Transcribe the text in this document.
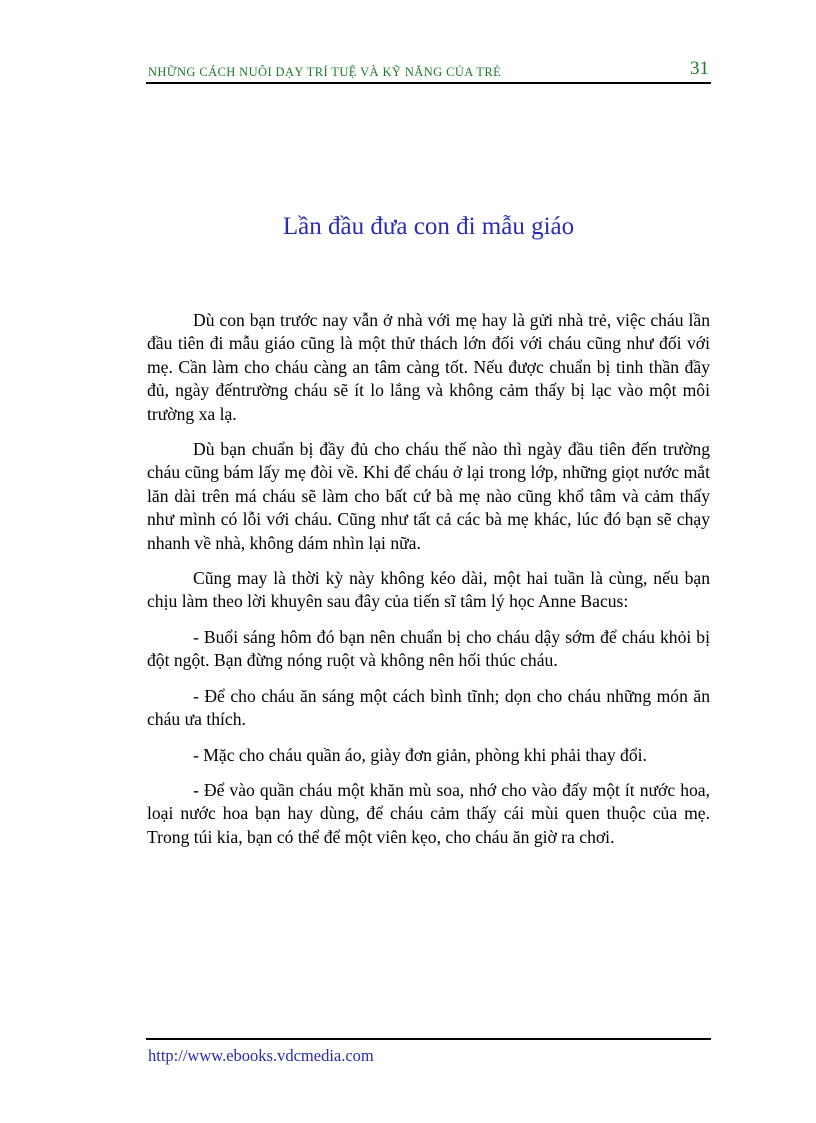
NHỮNG CÁCH NUÔI DẠY TRÍ TUỆ VÀ KỸ NĂNG CỦA TRẺ	31
Lần đầu đưa con đi mẫu giáo

Dù con bạn trước nay vẫn ở nhà với mẹ hay là gửi nhà trẻ, việc cháu lần đầu tiên đi mẫu giáo cũng là một thử thách lớn đối với cháu cũng như đối với mẹ. Cần làm cho cháu càng an tâm càng tốt. Nếu được chuẩn bị tinh thần đầy đủ, ngày đếntrường cháu sẽ ít lo lắng và không cảm thấy bị lạc vào một môi trường xa lạ.

Dù bạn chuẩn bị đầy đủ cho cháu thế nào thì ngày đầu tiên đến trường cháu cũng bám lấy mẹ đòi về. Khi để cháu ở lại trong lớp, những giọt nước mắt lăn dài trên má cháu sẽ làm cho bất cứ bà mẹ nào cũng khổ tâm và cảm thấy như mình có lỗi với cháu. Cũng như tất cả các bà mẹ khác, lúc đó bạn sẽ chạy nhanh về nhà, không dám nhìn lại nữa.

Cũng may là thời kỳ này không kéo dài, một hai tuần là cùng, nếu bạn chịu làm theo lời khuyên sau đây của tiến sĩ tâm lý học Anne Bacus:

- Buổi sáng hôm đó bạn nên chuẩn bị cho cháu dậy sớm để cháu khỏi bị đột ngột. Bạn đừng nóng ruột và không nên hối thúc cháu.

- Để cho cháu ăn sáng một cách bình tĩnh; dọn cho cháu những món ăn cháu ưa thích.

- Mặc cho cháu quần áo, giày đơn giản, phòng khi phải thay đổi.

- Để vào quần cháu một khăn mù soa, nhớ cho vào đấy một ít nước hoa, loại nước hoa bạn hay dùng, để cháu cảm thấy cái mùi quen thuộc của mẹ. Trong túi kia, bạn có thể để một viên kẹo, cho cháu ăn giờ ra chơi.

http://www.ebooks.vdcmedia.com
